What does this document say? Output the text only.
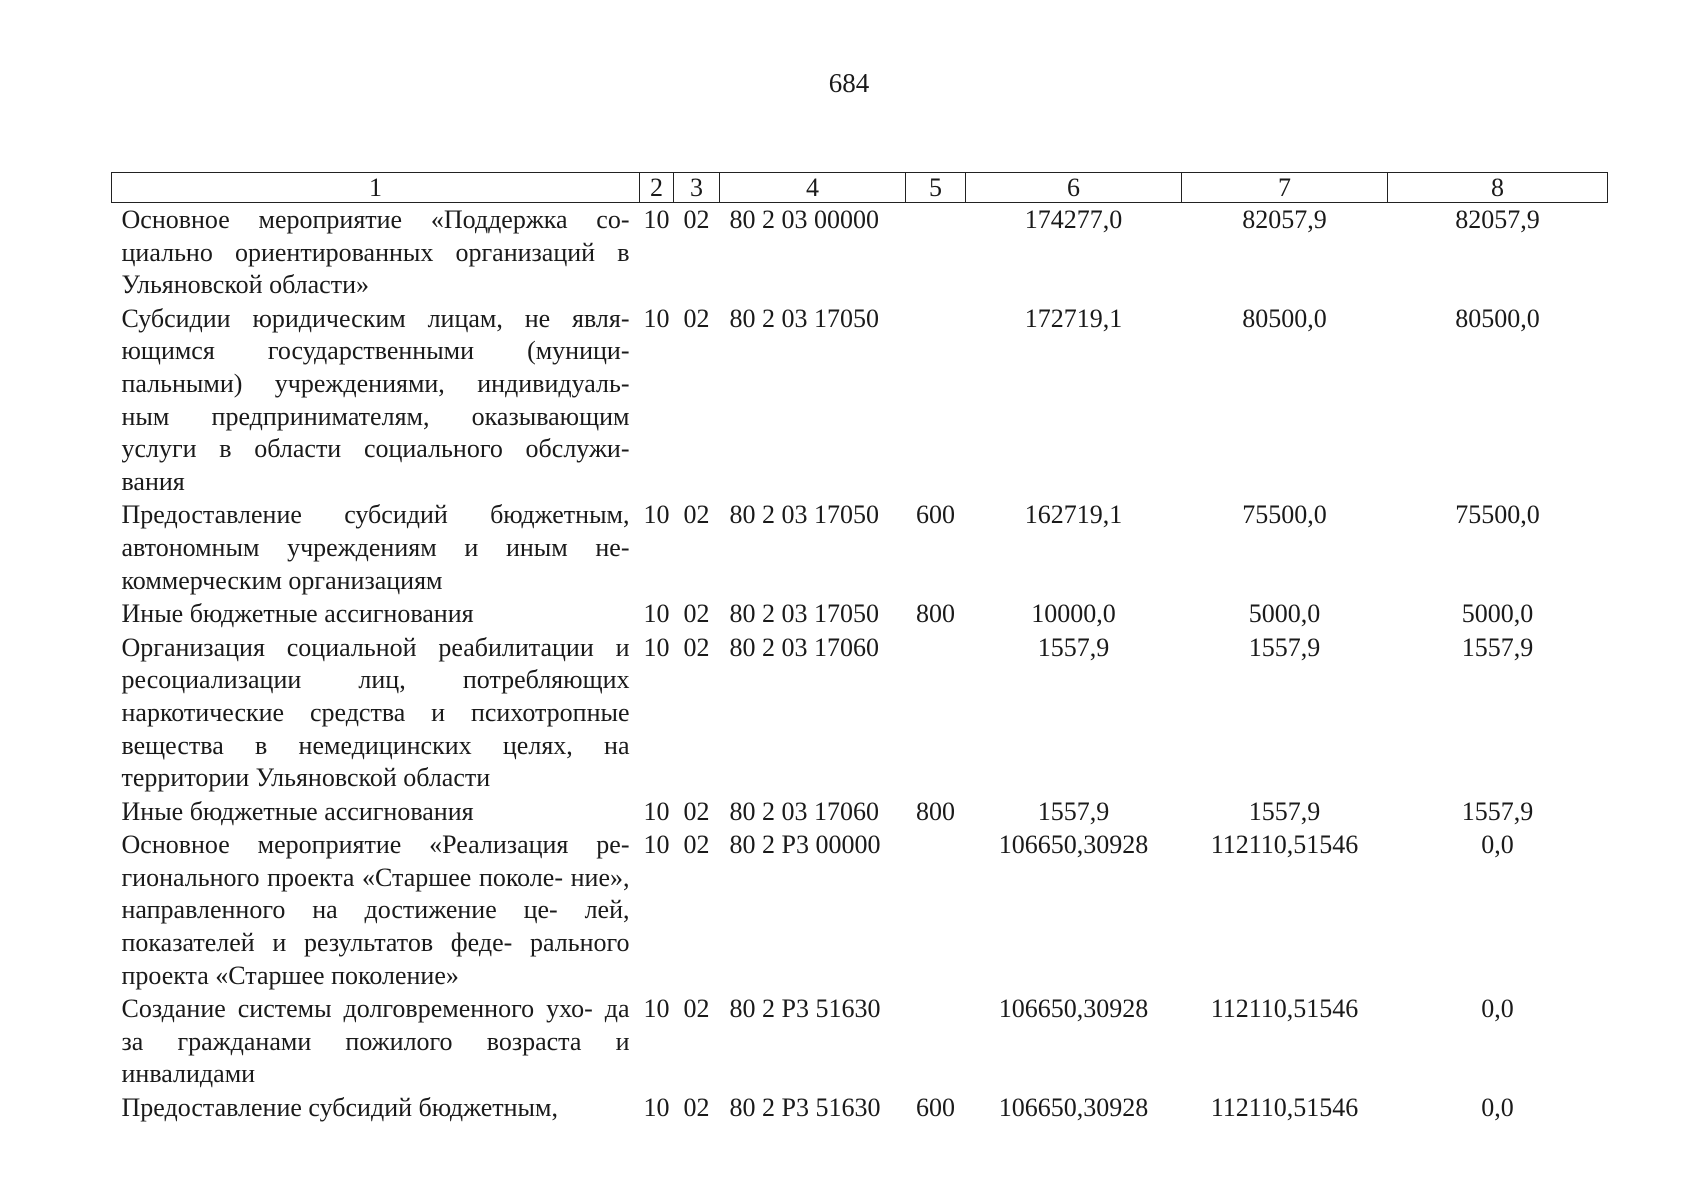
684
1	2	3	4	5	6	7	8
Основное мероприятие «Поддержка со- циально ориентированных организаций в Ульяновской области»	10	02	80 2 03 00000		174277,0	82057,9	82057,9
Субсидии юридическим лицам, не явля- ющимся государственными (муници- пальными) учреждениями, индивидуаль- ным предпринимателям, оказывающим услуги в области социального обслужи- вания	10	02	80 2 03 17050		172719,1	80500,0	80500,0
Предоставление субсидий бюджетным, автономным учреждениям и иным не- коммерческим организациям	10	02	80 2 03 17050	600	162719,1	75500,0	75500,0
Иные бюджетные ассигнования	10	02	80 2 03 17050	800	10000,0	5000,0	5000,0
Организация социальной реабилитации и ресоциализации лиц, потребляющих наркотические средства и психотропные вещества в немедицинских целях, на территории Ульяновской области	10	02	80 2 03 17060		1557,9	1557,9	1557,9
Иные бюджетные ассигнования	10	02	80 2 03 17060	800	1557,9	1557,9	1557,9
Основное мероприятие «Реализация ре- гионального проекта «Старшее поколе- ние», направленного на достижение це- лей, показателей и результатов феде- рального проекта «Старшее поколение»	10	02	80 2 P3 00000		106650,30928	112110,51546	0,0
Создание системы долговременного ухо- да за гражданами пожилого возраста и инвалидами	10	02	80 2 P3 51630		106650,30928	112110,51546	0,0
Предоставление субсидий бюджетным,	10	02	80 2 P3 51630	600	106650,30928	112110,51546	0,0
